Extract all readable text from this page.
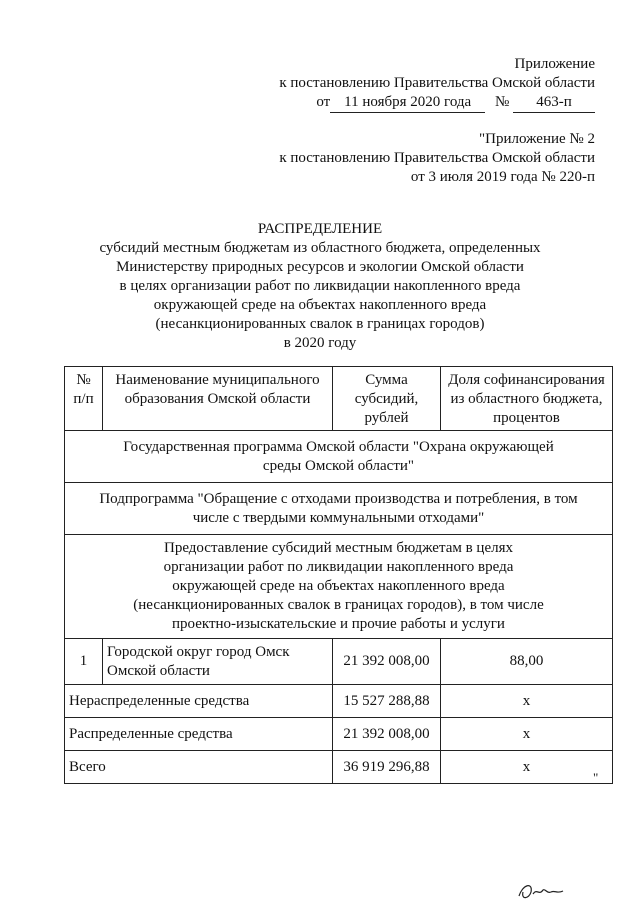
Приложение
к постановлению Правительства Омской области
от 11 ноября 2020 года № 463-п
"Приложение № 2
к постановлению Правительства Омской области
от 3 июля 2019 года № 220-п
РАСПРЕДЕЛЕНИЕ
субсидий местным бюджетам из областного бюджета, определенных
Министерству природных ресурсов и экологии Омской области
в целях организации работ по ликвидации накопленного вреда
окружающей среде на объектах накопленного вреда
(несанкционированных свалок в границах городов)
в 2020 году
№ п/п	Наименование муниципального образования Омской области	Сумма субсидий, рублей	Доля софинансирования из областного бюджета, процентов
Государственная программа Омской области "Охрана окружающей среды Омской области"			
Подпрограмма "Обращение с отходами производства и потребления, в том числе с твердыми коммунальными отходами"			
Предоставление субсидий местным бюджетам в целях организации работ по ликвидации накопленного вреда окружающей среде на объектах накопленного вреда (несанкционированных свалок в границах городов), в том числе проектно-изыскательские и прочие работы и услуги			
1	Городской округ город Омск Омской области	21 392 008,00	88,00
Нераспределенные средства		15 527 288,88	х
Распределенные средства		21 392 008,00	х
Всего		36 919 296,88	х
"
